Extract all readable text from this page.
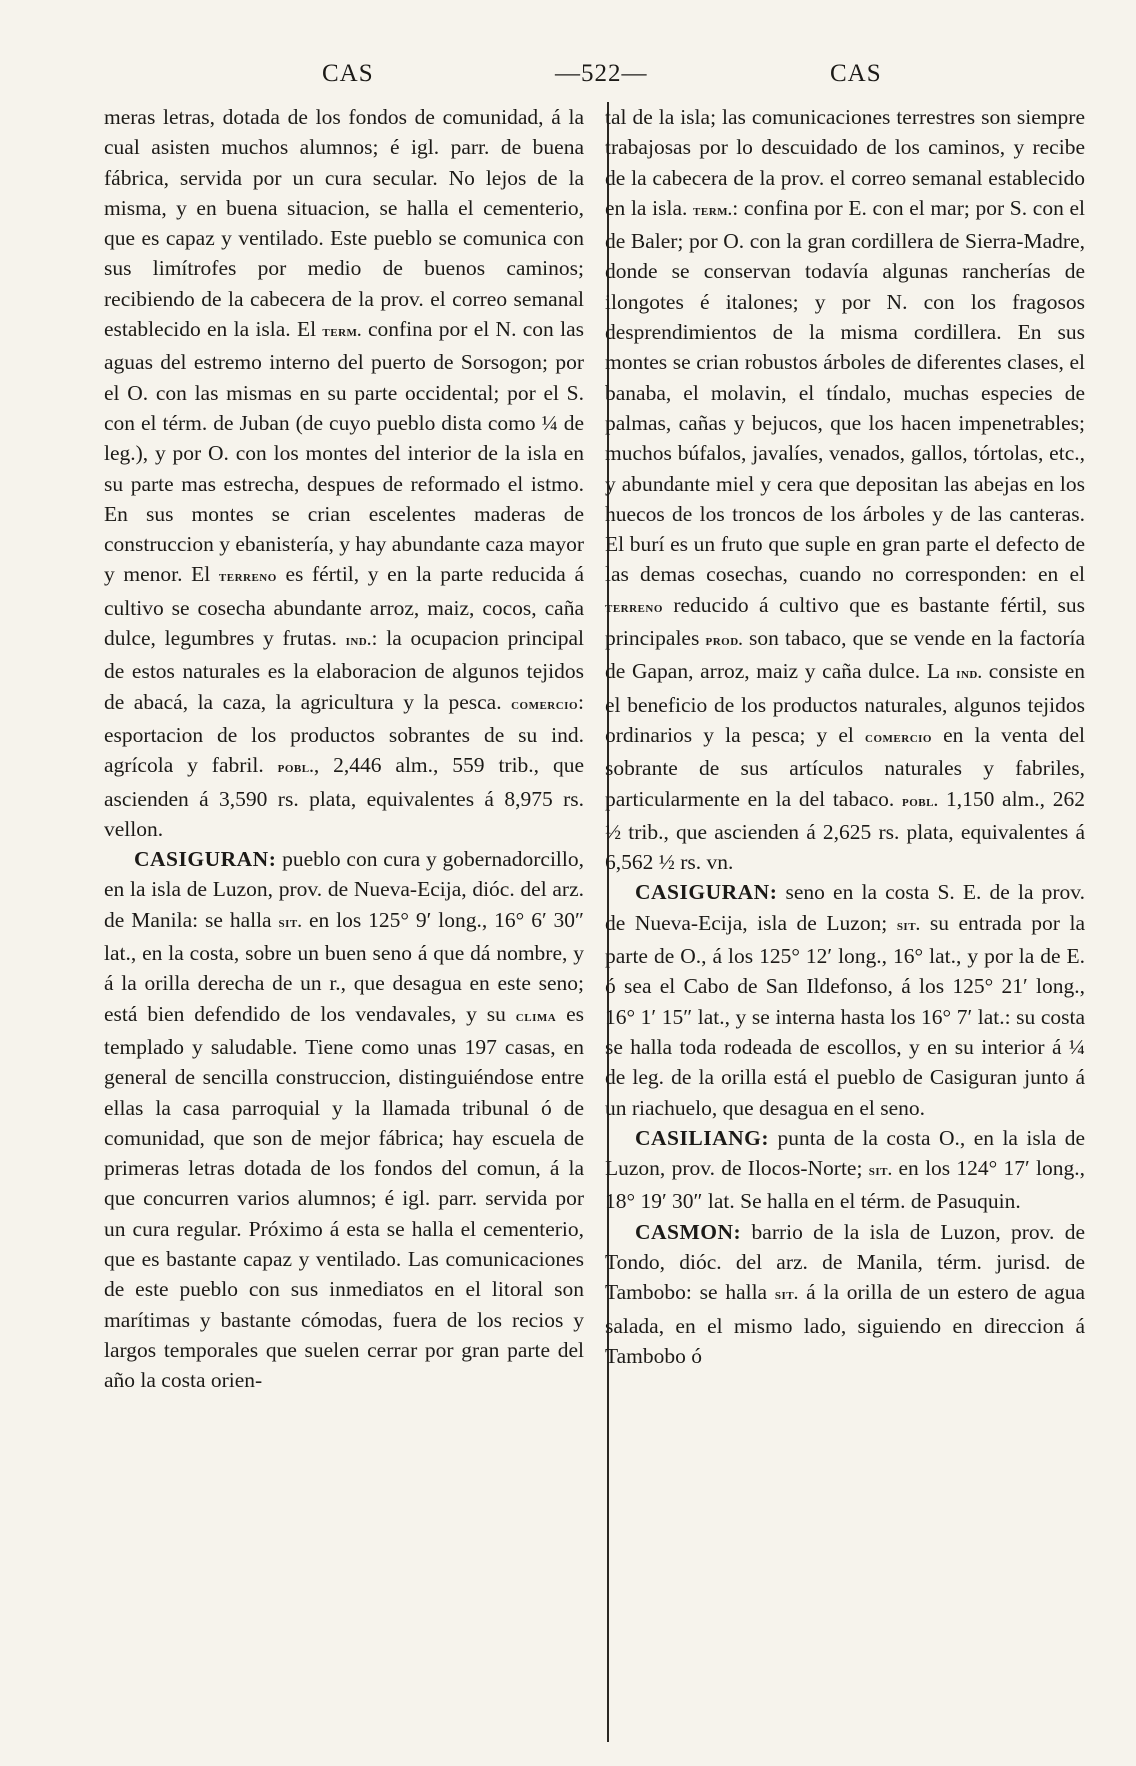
CAS	—522—	CAS

meras letras, dotada de los fondos de comunidad, á la cual asisten muchos alumnos; é igl. parr. de buena fábrica, servida por un cura secular. No lejos de la misma, y en buena situacion, se halla el cementerio, que es capaz y ventilado. Este pueblo se comunica con sus limítrofes por medio de buenos caminos; recibiendo de la cabecera de la prov. el correo semanal establecido en la isla. El term. confina por el N. con las aguas del estremo interno del puerto de Sorsogon; por el O. con las mismas en su parte occidental; por el S. con el térm. de Juban (de cuyo pueblo dista como ¼ de leg.), y por O. con los montes del interior de la isla en su parte mas estrecha, despues de reformado el istmo. En sus montes se crian escelentes maderas de construccion y ebanistería, y hay abundante caza mayor y menor. El terreno es fértil, y en la parte reducida á cultivo se cosecha abundante arroz, maiz, cocos, caña dulce, legumbres y frutas. ind.: la ocupacion principal de estos naturales es la elaboracion de algunos tejidos de abacá, la caza, la agricultura y la pesca. comercio: esportacion de los productos sobrantes de su ind. agrícola y fabril. pobl., 2,446 alm., 559 trib., que ascienden á 3,590 rs. plata, equivalentes á 8,975 rs. vellon.

CASIGURAN: pueblo con cura y gobernadorcillo, en la isla de Luzon, prov. de Nueva-Ecija, dióc. del arz. de Manila: se halla sit. en los 125° 9′ long., 16° 6′ 30″ lat., en la costa, sobre un buen seno á que dá nombre, y á la orilla derecha de un r., que desagua en este seno; está bien defendido de los vendavales, y su clima es templado y saludable. Tiene como unas 197 casas, en general de sencilla construccion, distinguiéndose entre ellas la casa parroquial y la llamada tribunal ó de comunidad, que son de mejor fábrica; hay escuela de primeras letras dotada de los fondos del comun, á la que concurren varios alumnos; é igl. parr. servida por un cura regular. Próximo á esta se halla el cementerio, que es bastante capaz y ventilado. Las comunicaciones de este pueblo con sus inmediatos en el litoral son marítimas y bastante cómodas, fuera de los recios y largos temporales que suelen cerrar por gran parte del año la costa orien-

tal de la isla; las comunicaciones terrestres son siempre trabajosas por lo descuidado de los caminos, y recibe de la cabecera de la prov. el correo semanal establecido en la isla. term.: confina por E. con el mar; por S. con el de Baler; por O. con la gran cordillera de Sierra-Madre, donde se conservan todavía algunas rancherías de ilongotes é italones; y por N. con los fragosos desprendimientos de la misma cordillera. En sus montes se crian robustos árboles de diferentes clases, el banaba, el molavin, el tíndalo, muchas especies de palmas, cañas y bejucos, que los hacen impenetrables; muchos búfalos, javalíes, venados, gallos, tórtolas, etc., y abundante miel y cera que depositan las abejas en los huecos de los troncos de los árboles y de las canteras. El burí es un fruto que suple en gran parte el defecto de las demas cosechas, cuando no corresponden: en el terreno reducido á cultivo que es bastante fértil, sus principales prod. son tabaco, que se vende en la factoría de Gapan, arroz, maiz y caña dulce. La ind. consiste en el beneficio de los productos naturales, algunos tejidos ordinarios y la pesca; y el comercio en la venta del sobrante de sus artículos naturales y fabriles, particularmente en la del tabaco. pobl. 1,150 alm., 262 ½ trib., que ascienden á 2,625 rs. plata, equivalentes á 6,562 ½ rs. vn.

CASIGURAN: seno en la costa S. E. de la prov. de Nueva-Ecija, isla de Luzon; sit. su entrada por la parte de O., á los 125° 12′ long., 16° lat., y por la de E. ó sea el Cabo de San Ildefonso, á los 125° 21′ long., 16° 1′ 15″ lat., y se interna hasta los 16° 7′ lat.: su costa se halla toda rodeada de escollos, y en su interior á ¼ de leg. de la orilla está el pueblo de Casiguran junto á un riachuelo, que desagua en el seno.

CASILIANG: punta de la costa O., en la isla de Luzon, prov. de Ilocos-Norte; sit. en los 124° 17′ long., 18° 19′ 30″ lat. Se halla en el térm. de Pasuquin.

CASMON: barrio de la isla de Luzon, prov. de Tondo, dióc. del arz. de Manila, térm. jurisd. de Tambobo: se halla sit. á la orilla de un estero de agua salada, en el mismo lado, siguiendo en direccion á Tambobo ó
